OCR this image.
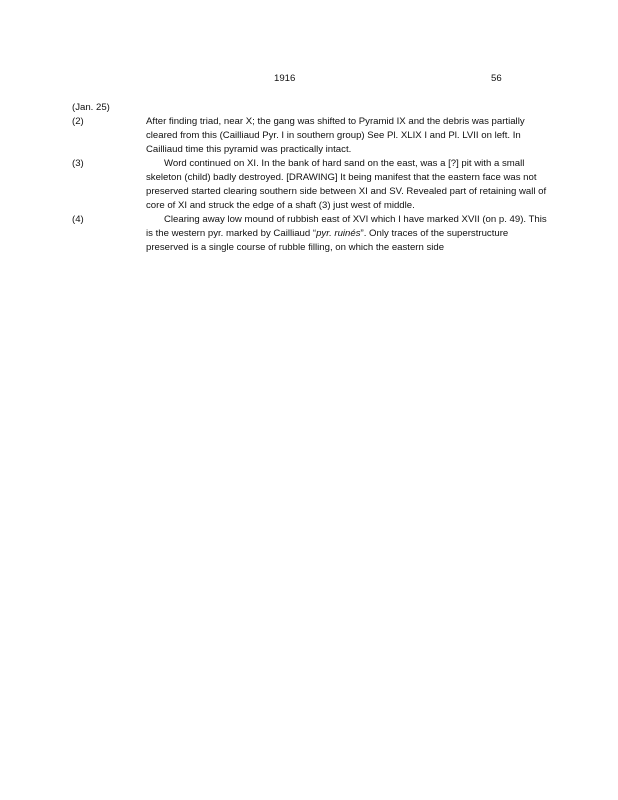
1916	56
(Jan. 25)
(2)	After finding triad, near X; the gang was shifted to Pyramid IX and the debris was partially cleared from this (Cailliaud Pyr. I in southern group) See Pl. XLIX I and Pl. LVII on left. In Cailliaud time this pyramid was practically intact.

(3)	Word continued on XI. In the bank of hard sand on the east, was a [?] pit with a small skeleton (child) badly destroyed. [DRAWING] It being manifest that the eastern face was not preserved started clearing southern side between XI and SV. Revealed part of retaining wall of core of XI and struck the edge of a shaft (3) just west of middle.

(4)	Clearing away low mound of rubbish east of XVI which I have marked XVII (on p. 49). This is the western pyr. marked by Cailliaud “pyr. ruinés”. Only traces of the superstructure preserved is a single course of rubble filling, on which the eastern side
